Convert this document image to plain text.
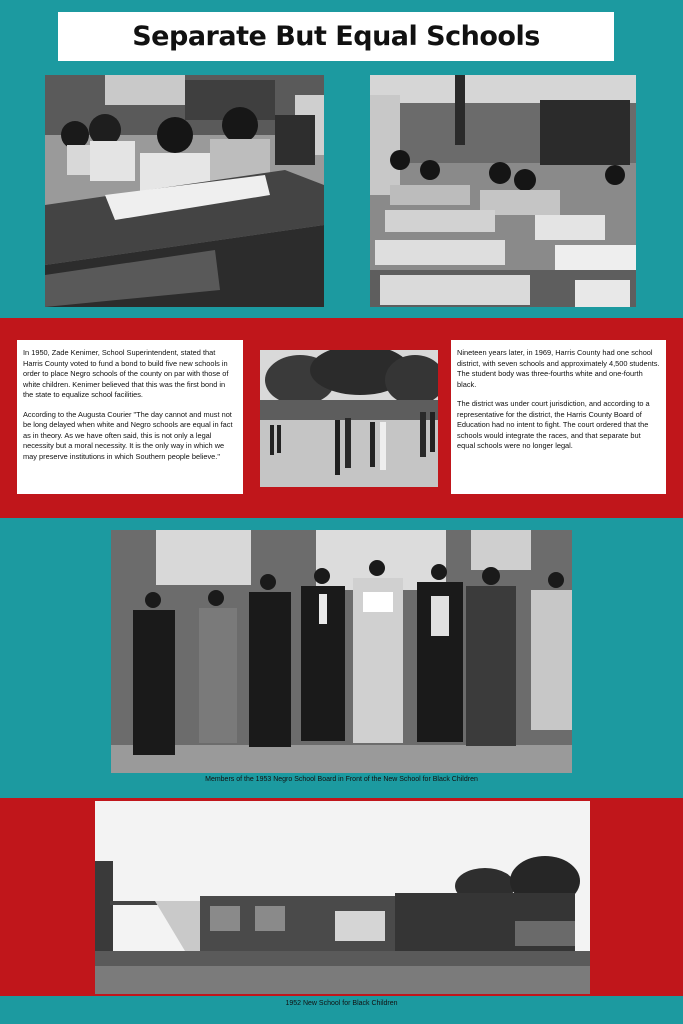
Separate But Equal Schools

In 1950, Zade Kenimer, School Superintendent, stated that Harris County voted to fund a bond to build five new schools in order to place Negro schools of the county on par with those of white children. Kenimer believed that this was the first bond in the state to equalize school facilities.

According to the Augusta Courier "The day cannot and must not be long delayed when white and Negro schools are equal in fact as in theory. As we have often said, this is not only a legal necessity but a moral necessity. It is the only way in which we may preserve institutions in which Southern people believe."

Nineteen years later, in 1969, Harris County had one school district, with seven schools and approximately 4,500 students. The student body was three-fourths white and one-fourth black.

The district was under court jurisdiction, and according to a representative for the district, the Harris County Board of Education had no intent to fight. The court ordered that the schools would integrate the races, and that separate but equal schools were no longer legal.

Members of the 1953 Negro School Board in Front of the New School for Black Children
1952 New School for Black Children
